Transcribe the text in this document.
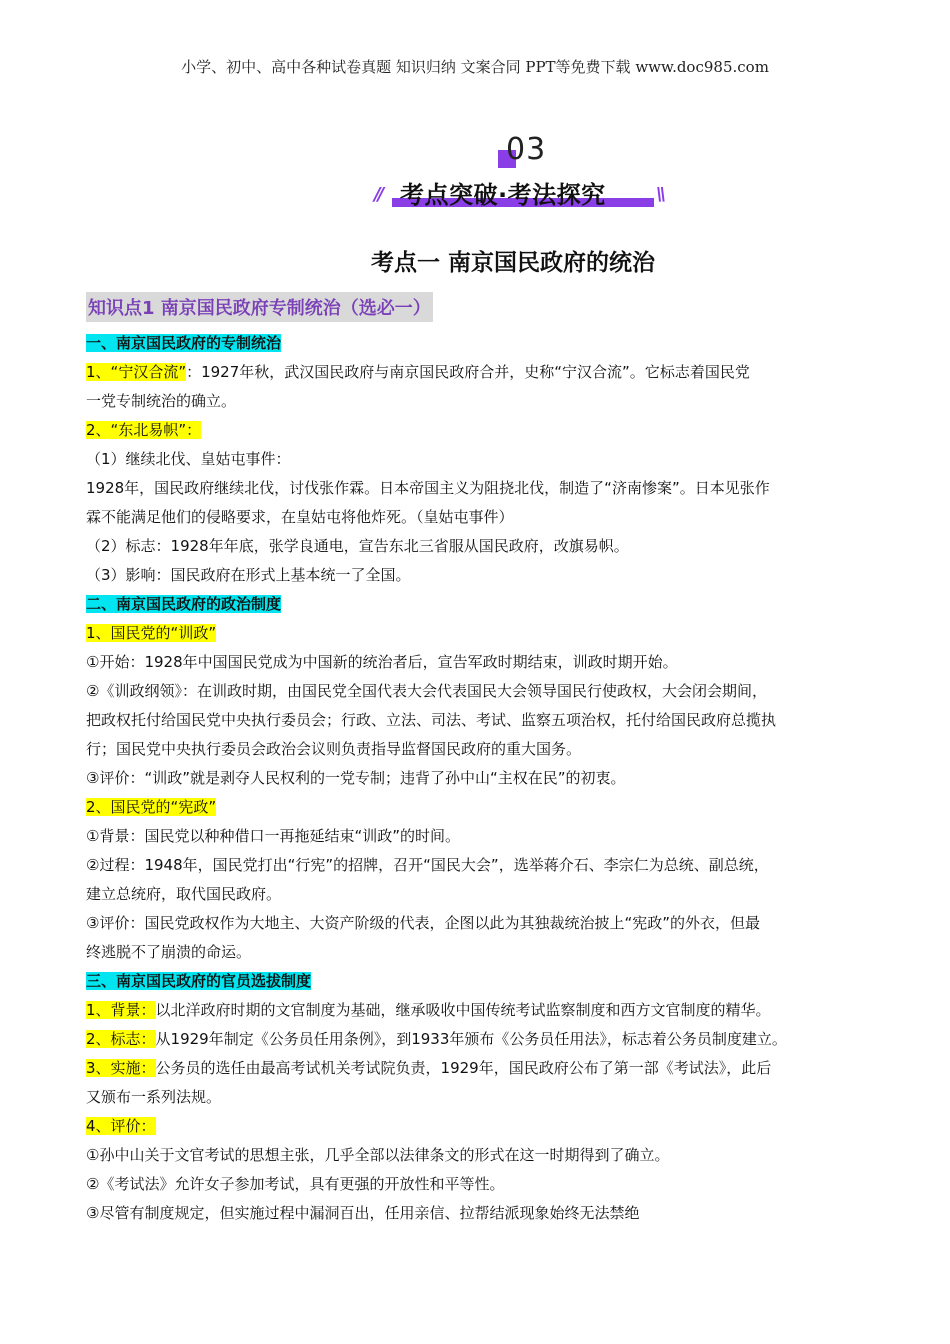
小学、初中、高中各种试卷真题 知识归纳 文案合同 PPT等免费下载 www.doc985.com
03
// 考点突破·考法探究	\\
考点一 南京国民政府的统治
知识点1 南京国民政府专制统治（选必一）
一、南京国民政府的专制统治
1、“宁汉合流”：1927年秋，武汉国民政府与南京国民政府合并，史称“宁汉合流”。它标志着国民党
一党专制统治的确立。
2、“东北易帜”：
（1）继续北伐、皇姑屯事件：
1928年，国民政府继续北伐，讨伐张作霖。日本帝国主义为阻挠北伐，制造了“济南惨案”。日本见张作
霖不能满足他们的侵略要求，在皇姑屯将他炸死。（皇姑屯事件）
（2）标志：1928年年底，张学良通电，宣告东北三省服从国民政府，改旗易帜。
（3）影响：国民政府在形式上基本统一了全国。
二、南京国民政府的政治制度
1、国民党的“训政”
①开始：1928年中国国民党成为中国新的统治者后，宣告军政时期结束，训政时期开始。
②《训政纲领》：在训政时期，由国民党全国代表大会代表国民大会领导国民行使政权，大会闭会期间，
把政权托付给国民党中央执行委员会；行政、立法、司法、考试、监察五项治权，托付给国民政府总揽执
行；国民党中央执行委员会政治会议则负责指导监督国民政府的重大国务。
③评价：“训政”就是剥夺人民权利的一党专制；违背了孙中山“主权在民”的初衷。
2、国民党的“宪政”
①背景：国民党以种种借口一再拖延结束“训政”的时间。
②过程：1948年，国民党打出“行宪”的招牌，召开“国民大会”，选举蒋介石、李宗仁为总统、副总统，
建立总统府，取代国民政府。
③评价：国民党政权作为大地主、大资产阶级的代表，企图以此为其独裁统治披上“宪政”的外衣，但最
终逃脱不了崩溃的命运。
三、南京国民政府的官员选拔制度
1、背景：以北洋政府时期的文官制度为基础，继承吸收中国传统考试监察制度和西方文官制度的精华。
2、标志：从1929年制定《公务员任用条例》，到1933年颁布《公务员任用法》，标志着公务员制度建立。
3、实施：公务员的选任由最高考试机关考试院负责，1929年，国民政府公布了第一部《考试法》，此后
又颁布一系列法规。
4、评价：
①孙中山关于文官考试的思想主张，几乎全部以法律条文的形式在这一时期得到了确立。
②《考试法》允许女子参加考试，具有更强的开放性和平等性。
③尽管有制度规定，但实施过程中漏洞百出，任用亲信、拉帮结派现象始终无法禁绝
